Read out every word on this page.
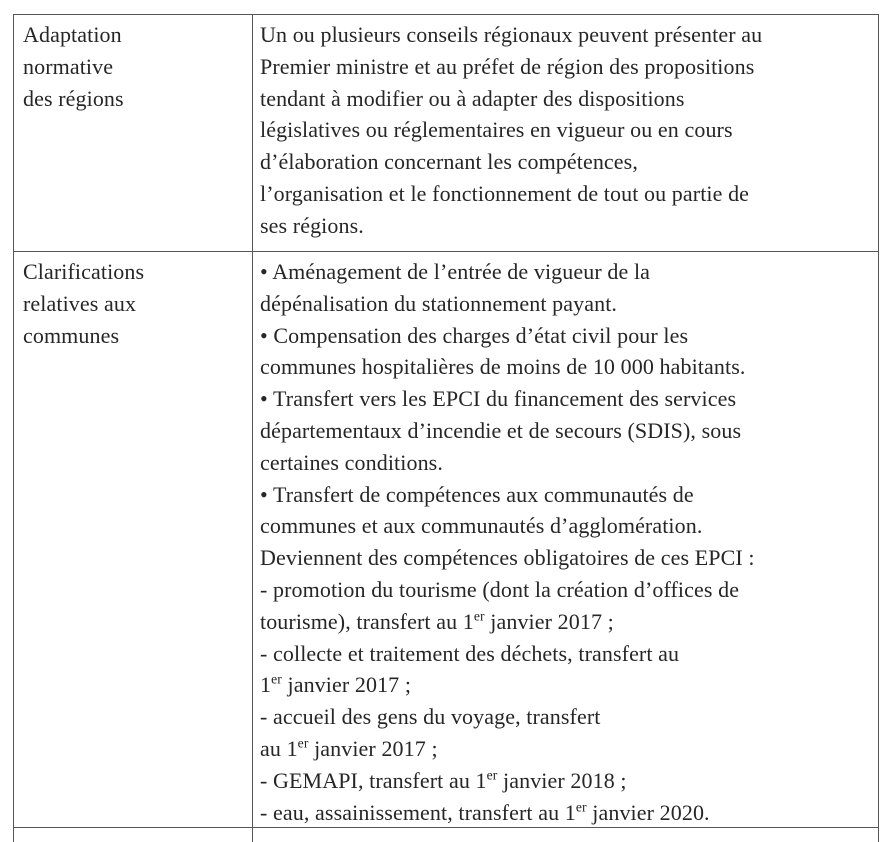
Adaptation
normative
des régions
Un ou plusieurs conseils régionaux peuvent présenter au
Premier ministre et au préfet de région des propositions
tendant à modifier ou à adapter des dispositions
législatives ou réglementaires en vigueur ou en cours
d’élaboration concernant les compétences,
l’organisation et le fonctionnement de tout ou partie de
ses régions.
Clarifications
relatives aux
communes
• Aménagement de l’entrée de vigueur de la
dépénalisation du stationnement payant.
• Compensation des charges d’état civil pour les
communes hospitalières de moins de 10 000 habitants.
• Transfert vers les EPCI du financement des services
départementaux d’incendie et de secours (SDIS), sous
certaines conditions.
• Transfert de compétences aux communautés de
communes et aux communautés d’agglomération.
Deviennent des compétences obligatoires de ces EPCI :
- promotion du tourisme (dont la création d’offices de
tourisme), transfert au 1er janvier 2017 ;
- collecte et traitement des déchets, transfert au
1er janvier 2017 ;
- accueil des gens du voyage, transfert
au 1er janvier 2017 ;
- GEMAPI, transfert au 1er janvier 2018 ;
- eau, assainissement, transfert au 1er janvier 2020.
